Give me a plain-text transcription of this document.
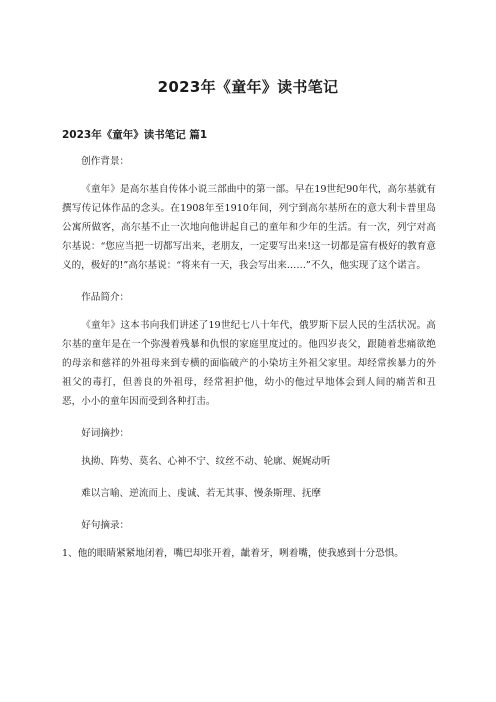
2023年《童年》读书笔记
2023年《童年》读书笔记 篇1

创作背景：

《童年》是高尔基自传体小说三部曲中的第一部。早在19世纪90年代，高尔基就有撰写传记体作品的念头。在1908年至1910年间，列宁到高尔基所在的意大利卡普里岛公寓所做客，高尔基不止一次地向他讲起自己的童年和少年的生活。有一次，列宁对高尔基说：“您应当把一切都写出来，老朋友，一定要写出来!这一切都是富有极好的教育意义的，极好的!”高尔基说：“将来有一天，我会写出来……”不久，他实现了这个诺言。

作品简介：

《童年》这本书向我们讲述了19世纪七八十年代，俄罗斯下层人民的生活状况。高尔基的童年是在一个弥漫着残暴和仇恨的家庭里度过的。他四岁丧父，跟随着悲痛欲绝的母亲和慈祥的外祖母来到专横的面临破产的小染坊主外祖父家里。却经常挨暴力的外祖父的毒打，但善良的外祖母，经常袒护他，幼小的他过早地体会到人间的痛苦和丑恶，小小的童年因而受到各种打击。

好词摘抄：

执拗、阵势、莫名、心神不宁、纹丝不动、轮廓、娓娓动听

难以言喻、逆流而上、虔诚、若无其事、慢条斯理、抚摩

好句摘录：

1、他的眼睛紧紧地闭着，嘴巴却张开着，龇着牙，咧着嘴，使我感到十分恐惧。
